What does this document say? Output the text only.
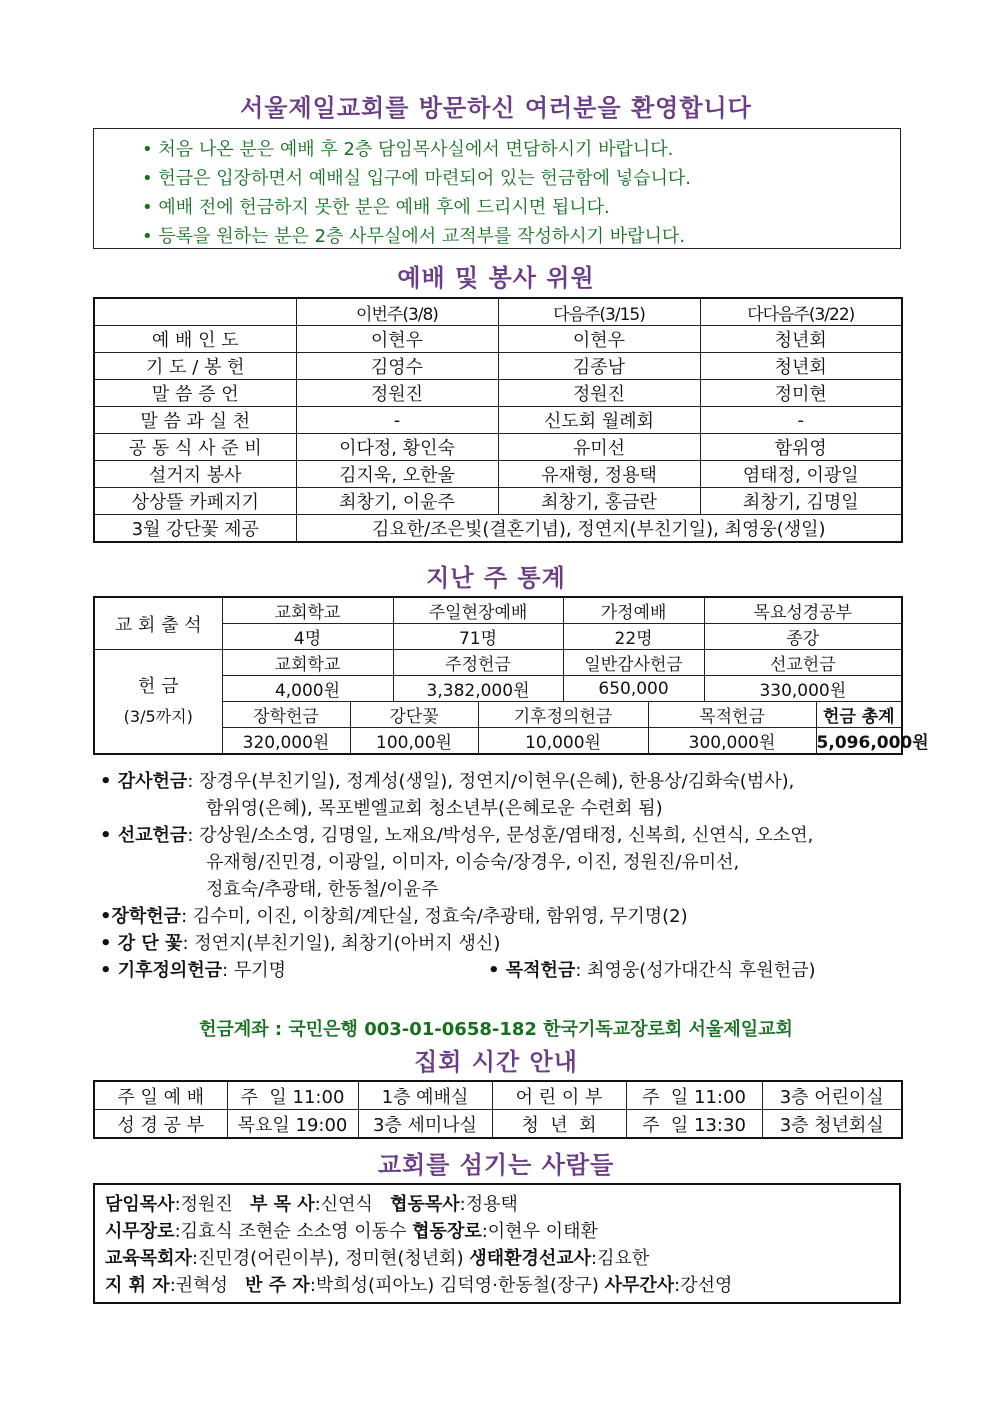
서울제일교회를 방문하신 여러분을 환영합니다
• 처음 나온 분은 예배 후 2층 담임목사실에서 면담하시기 바랍니다.
• 헌금은 입장하면서 예배실 입구에 마련되어 있는 헌금함에 넣습니다.
• 예배 전에 헌금하지 못한 분은 예배 후에 드리시면 됩니다.
• 등록을 원하는 분은 2층 사무실에서 교적부를 작성하시기 바랍니다.
예배 및 봉사 위원
	이번주(3/8)	다음주(3/15)	다다음주(3/22)
예 배 인 도	이현우	이현우	청년회
기 도 / 봉 헌	김영수	김종남	청년회
말 씀 증 언	정원진	정원진	정미현
말 씀 과 실 천	-	신도회 월례회	-
공 동 식 사 준 비	이다정, 황인숙	유미선	함위영
설거지 봉사	김지욱, 오한울	유재형, 정용택	염태정, 이광일
상상뜰 카페지기	최창기, 이윤주	최창기, 홍금란	최창기, 김명일
3월 강단꽃 제공	김요한/조은빛(결혼기념), 정연지(부친기일), 최영웅(생일)		
지난 주 통계
교 회 출 석	교회학교		주일현장예배		가정예배		목요성경공부	
	4명		71명		22명		종강	
헌 금
(3/5까지)	교회학교		주정헌금		일반감사헌금		선교헌금	
	4,000원		3,382,000원		650,000		330,000원	
	장학헌금	강단꽃		기후정의헌금		목적헌금		헌금 총계
	320,000원	100,00원		10,000원		300,000원		5,096,000원
• 감사헌금: 장경우(부친기일), 정계성(생일), 정연지/이현우(은혜), 한용상/김화숙(범사),
함위영(은혜), 목포벧엘교회 청소년부(은혜로운 수련회 됨)
• 선교헌금: 강상원/소소영, 김명일, 노재요/박성우, 문성훈/염태정, 신복희, 신연식, 오소연,
유재형/진민경, 이광일, 이미자, 이승숙/장경우, 이진, 정원진/유미선,
정효숙/추광태, 한동철/이윤주
•장학헌금: 김수미, 이진, 이창희/계단실, 정효숙/추광태, 함위영, 무기명(2)
• 강 단 꽃: 정연지(부친기일), 최창기(아버지 생신)
• 기후정의헌금: 무기명	• 목적헌금: 최영웅(성가대간식 후원헌금)
헌금계좌 : 국민은행 003-01-0658-182 한국기독교장로회 서울제일교회
집회 시간 안내
주 일 예 배	주  일 11:00	1층 예배실	어 린 이 부	주  일 11:00	3층 어린이실
성 경 공 부	목요일 19:00	3층 세미나실	청  년  회	주  일 13:30	3층 청년회실
교회를 섬기는 사람들
담임목사:정원진 부 목 사:신연식 협동목사:정용택
시무장로:김효식 조현순 소소영 이동수 협동장로:이현우 이태환
교육목회자:진민경(어린이부), 정미현(청년회) 생태환경선교사:김요한
지 휘 자:권혁성   반 주 자:박희성(피아노) 김덕영·한동철(장구) 사무간사:강선영
